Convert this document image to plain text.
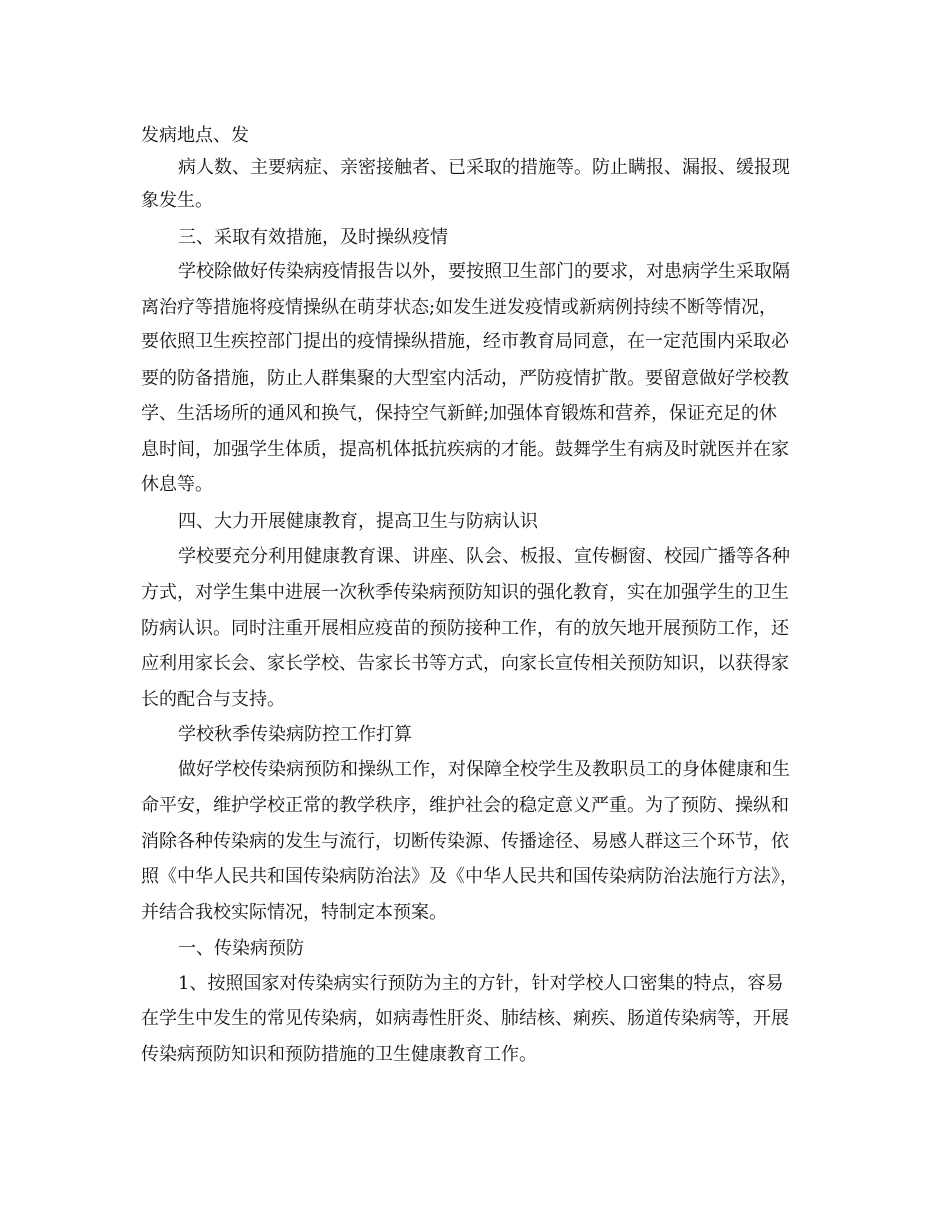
发病地点、发
病人数、主要病症、亲密接触者、已采取的措施等。防止瞒报、漏报、缓报现
象发生。
三、采取有效措施，及时操纵疫情
学校除做好传染病疫情报告以外，要按照卫生部门的要求，对患病学生采取隔
离治疗等措施将疫情操纵在萌芽状态;如发生迸发疫情或新病例持续不断等情况，
要依照卫生疾控部门提出的疫情操纵措施，经市教育局同意，在一定范围内采取必
要的防备措施，防止人群集聚的大型室内活动，严防疫情扩散。要留意做好学校教
学、生活场所的通风和换气，保持空气新鲜;加强体育锻炼和营养，保证充足的休
息时间，加强学生体质，提高机体抵抗疾病的才能。鼓舞学生有病及时就医并在家
休息等。
四、大力开展健康教育，提高卫生与防病认识
学校要充分利用健康教育课、讲座、队会、板报、宣传橱窗、校园广播等各种
方式，对学生集中进展一次秋季传染病预防知识的强化教育，实在加强学生的卫生
防病认识。同时注重开展相应疫苗的预防接种工作，有的放矢地开展预防工作，还
应利用家长会、家长学校、告家长书等方式，向家长宣传相关预防知识，以获得家
长的配合与支持。
学校秋季传染病防控工作打算
做好学校传染病预防和操纵工作，对保障全校学生及教职员工的身体健康和生
命平安，维护学校正常的教学秩序，维护社会的稳定意义严重。为了预防、操纵和
消除各种传染病的发生与流行，切断传染源、传播途径、易感人群这三个环节，依
照《中华人民共和国传染病防治法》及《中华人民共和国传染病防治法施行方法》，
并结合我校实际情况，特制定本预案。
一、传染病预防
1、按照国家对传染病实行预防为主的方针，针对学校人口密集的特点，容易
在学生中发生的常见传染病，如病毒性肝炎、肺结核、痢疾、肠道传染病等，开展
传染病预防知识和预防措施的卫生健康教育工作。
